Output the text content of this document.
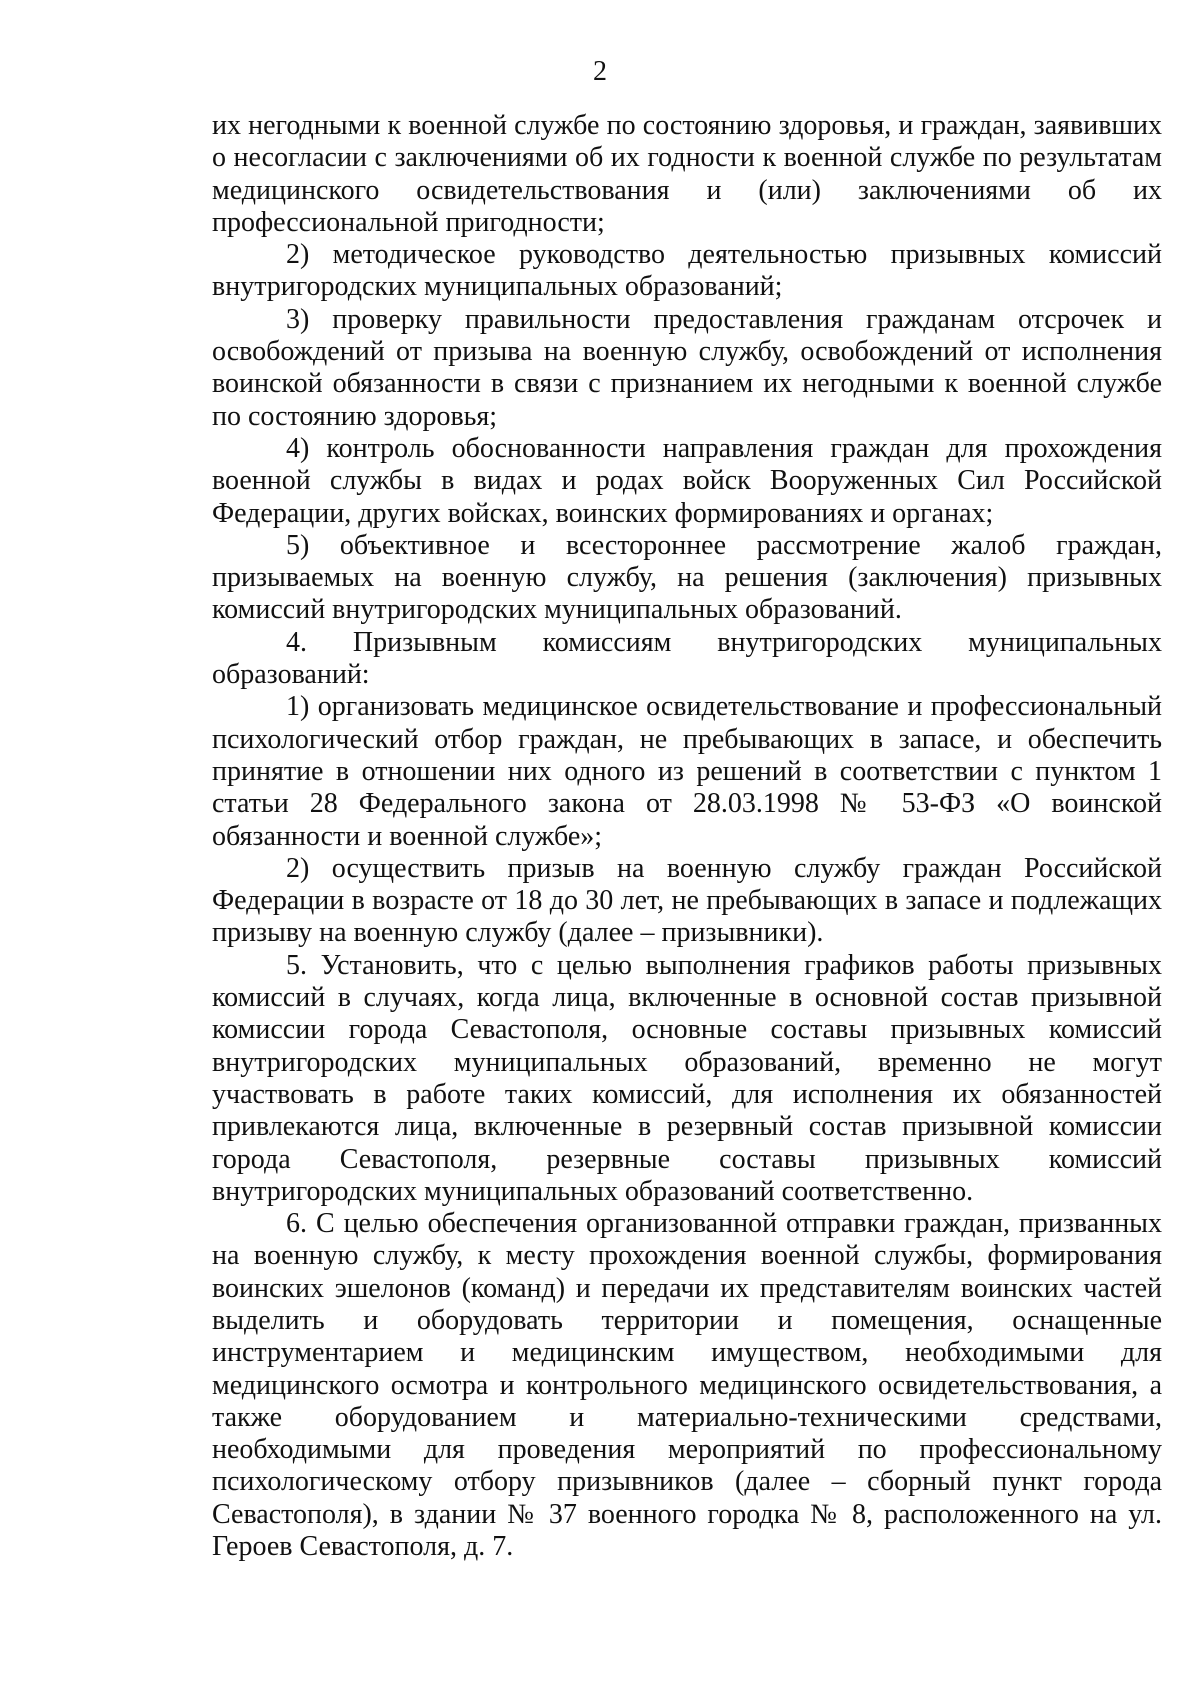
2

их негодными к военной службе по состоянию здоровья, и граждан, заявивших о несогласии с заключениями об их годности к военной службе по результатам медицинского освидетельствования и (или) заключениями об их профессиональной пригодности;

2) методическое руководство деятельностью призывных комиссий внутригородских муниципальных образований;

3) проверку правильности предоставления гражданам отсрочек и освобождений от призыва на военную службу, освобождений от исполнения воинской обязанности в связи с признанием их негодными к военной службе по состоянию здоровья;

4) контроль обоснованности направления граждан для прохождения военной службы в видах и родах войск Вооруженных Сил Российской Федерации, других войсках, воинских формированиях и органах;

5) объективное и всестороннее рассмотрение жалоб граждан, призываемых на военную службу, на решения (заключения) призывных комиссий внутригородских муниципальных образований.

4. Призывным комиссиям внутригородских муниципальных образований:

1) организовать медицинское освидетельствование и профессиональный психологический отбор граждан, не пребывающих в запасе, и обеспечить принятие в отношении них одного из решений в соответствии с пунктом 1 статьи 28 Федерального закона от 28.03.1998 № 53-ФЗ «О воинской обязанности и военной службе»;

2) осуществить призыв на военную службу граждан Российской Федерации в возрасте от 18 до 30 лет, не пребывающих в запасе и подлежащих призыву на военную службу (далее – призывники).

5. Установить, что с целью выполнения графиков работы призывных комиссий в случаях, когда лица, включенные в основной состав призывной комиссии города Севастополя, основные составы призывных комиссий внутригородских муниципальных образований, временно не могут участвовать в работе таких комиссий, для исполнения их обязанностей привлекаются лица, включенные в резервный состав призывной комиссии города Севастополя, резервные составы призывных комиссий внутригородских муниципальных образований соответственно.

6. С целью обеспечения организованной отправки граждан, призванных на военную службу, к месту прохождения военной службы, формирования воинских эшелонов (команд) и передачи их представителям воинских частей выделить и оборудовать территории и помещения, оснащенные инструментарием и медицинским имуществом, необходимыми для медицинского осмотра и контрольного медицинского освидетельствования, а также оборудованием и материально-техническими средствами, необходимыми для проведения мероприятий по профессиональному психологическому отбору призывников (далее – сборный пункт города Севастополя), в здании № 37 военного городка № 8, расположенного на ул. Героев Севастополя, д. 7.
